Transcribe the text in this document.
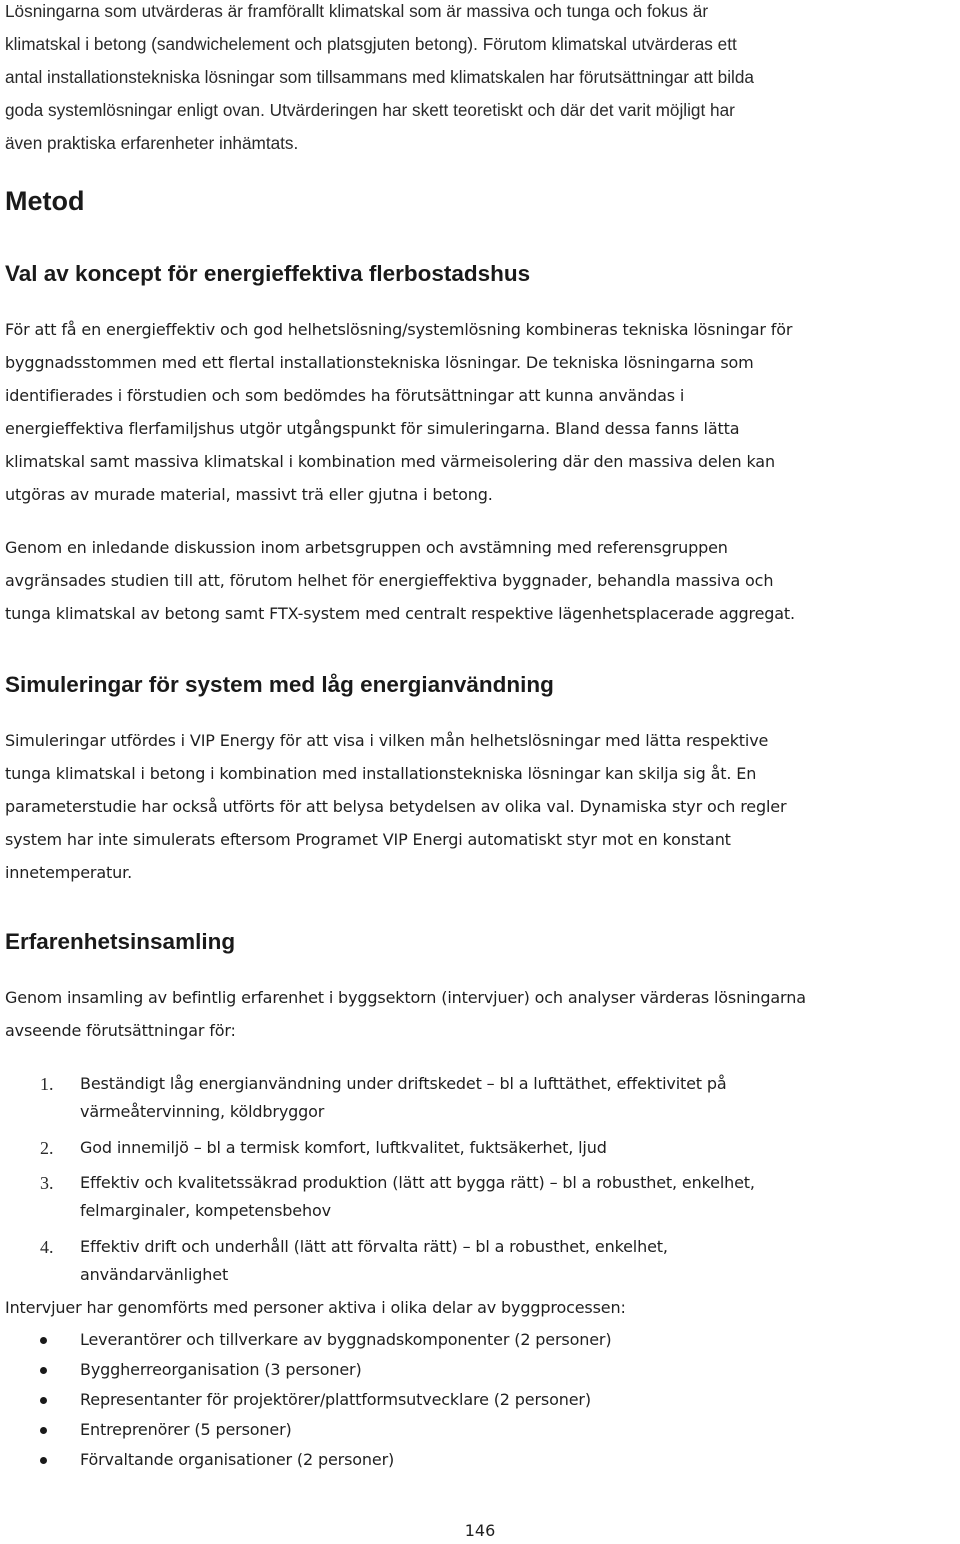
Lösningarna som utvärderas är framförallt klimatskal som är massiva och tunga och fokus är
klimatskal i betong (sandwichelement och platsgjuten betong). Förutom klimatskal utvärderas ett
antal installationstekniska lösningar som tillsammans med klimatskalen har förutsättningar att bilda
goda systemlösningar enligt ovan. Utvärderingen har skett teoretiskt och där det varit möjligt har
även praktiska erfarenheter inhämtats.
Metod
Val av koncept för energieffektiva flerbostadshus
För att få en energieffektiv och god helhetslösning/systemlösning kombineras tekniska lösningar för
byggnadsstommen med ett flertal installationstekniska lösningar. De tekniska lösningarna som
identifierades i förstudien och som bedömdes ha förutsättningar att kunna användas i
energieffektiva flerfamiljshus utgör utgångspunkt för simuleringarna. Bland dessa fanns lätta
klimatskal samt massiva klimatskal i kombination med värmeisolering där den massiva delen kan
utgöras av murade material, massivt trä eller gjutna i betong.
Genom en inledande diskussion inom arbetsgruppen och avstämning med referensgruppen
avgränsades studien till att, förutom helhet för energieffektiva byggnader, behandla massiva och
tunga klimatskal av betong samt FTX-system med centralt respektive lägenhetsplacerade aggregat.
Simuleringar för system med låg energianvändning
Simuleringar utfördes i VIP Energy för att visa i vilken mån helhetslösningar med lätta respektive
tunga klimatskal i betong i kombination med installationstekniska lösningar kan skilja sig åt. En
parameterstudie har också utförts för att belysa betydelsen av olika val. Dynamiska styr och regler
system har inte simulerats eftersom Programet VIP Energi automatiskt styr mot en konstant
innetemperatur.
Erfarenhetsinsamling
Genom insamling av befintlig erfarenhet i byggsektorn (intervjuer) och analyser värderas lösningarna
avseende förutsättningar för:
1. Beständigt låg energianvändning under driftskedet – bl a lufttäthet, effektivitet på
värmeåtervinning, köldbryggor
2. God innemiljö – bl a termisk komfort, luftkvalitet, fuktsäkerhet, ljud
3. Effektiv och kvalitetssäkrad produktion (lätt att bygga rätt) – bl a robusthet, enkelhet,
felmarginaler, kompetensbehov
4. Effektiv drift och underhåll (lätt att förvalta rätt) – bl a robusthet, enkelhet,
användarvänlighet
Intervjuer har genomförts med personer aktiva i olika delar av byggprocessen:
Leverantörer och tillverkare av byggnadskomponenter (2 personer)
Byggherreorganisation (3 personer)
Representanter för projektörer/plattformsutvecklare (2 personer)
Entreprenörer (5 personer)
Förvaltande organisationer (2 personer)
146
